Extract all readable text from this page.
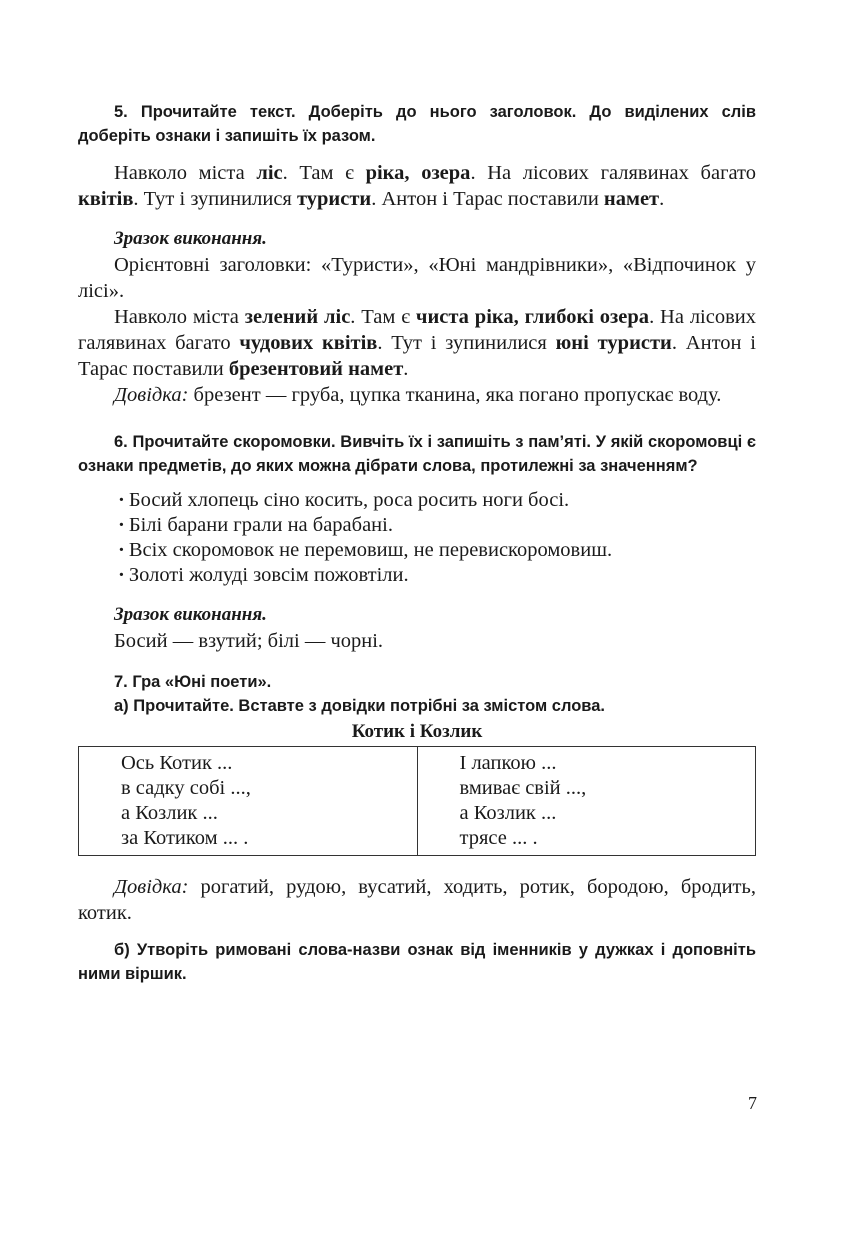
5. Прочитайте текст. Доберіть до нього заголовок. До виділених слів доберіть ознаки і запишіть їх разом.

Навколо міста ліс. Там є ріка, озера. На лісових галявинах багато квітів. Тут і зупинилися туристи. Антон і Тарас поставили намет.

Зразок виконання.

Орієнтовні заголовки: «Туристи», «Юні мандрівники», «Відпочинок у лісі».

Навколо міста зелений ліс. Там є чиста ріка, глибокі озера. На лісових галявинах багато чудових квітів. Тут і зупинилися юні туристи. Антон і Тарас поставили брезентовий намет.

Довідка: брезент — груба, цупка тканина, яка погано пропускає воду.

6. Прочитайте скоромовки. Вивчіть їх і запишіть з пам’яті. У якій скоромовці є ознаки предметів, до яких можна дібрати слова, протилежні за значенням?
· Босий хлопець сіно косить, роса росить ноги босі.
· Білі барани грали на барабані.
· Всіх скоромовок не перемовиш, не перевискоромовиш.
· Золоті жолуді зовсім пожовтіли.
Зразок виконання.

Босий — взутий; білі — чорні.

7. Гра «Юні поети».
а) Прочитайте. Вставте з довідки потрібні за змістом слова.
Котик і Козлик
Ось Котик ...
в садку собі ...,
а Козлик ...
за Котиком ... .

І лапкою ...
вмиває свій ...,
а Козлик ...
трясе ... .

Довідка: рогатий, рудою, вусатий, ходить, ротик, бородою, бродить, котик.

б) Утворіть римовані слова-назви ознак від іменників у дужках і доповніть ними віршик.
7
